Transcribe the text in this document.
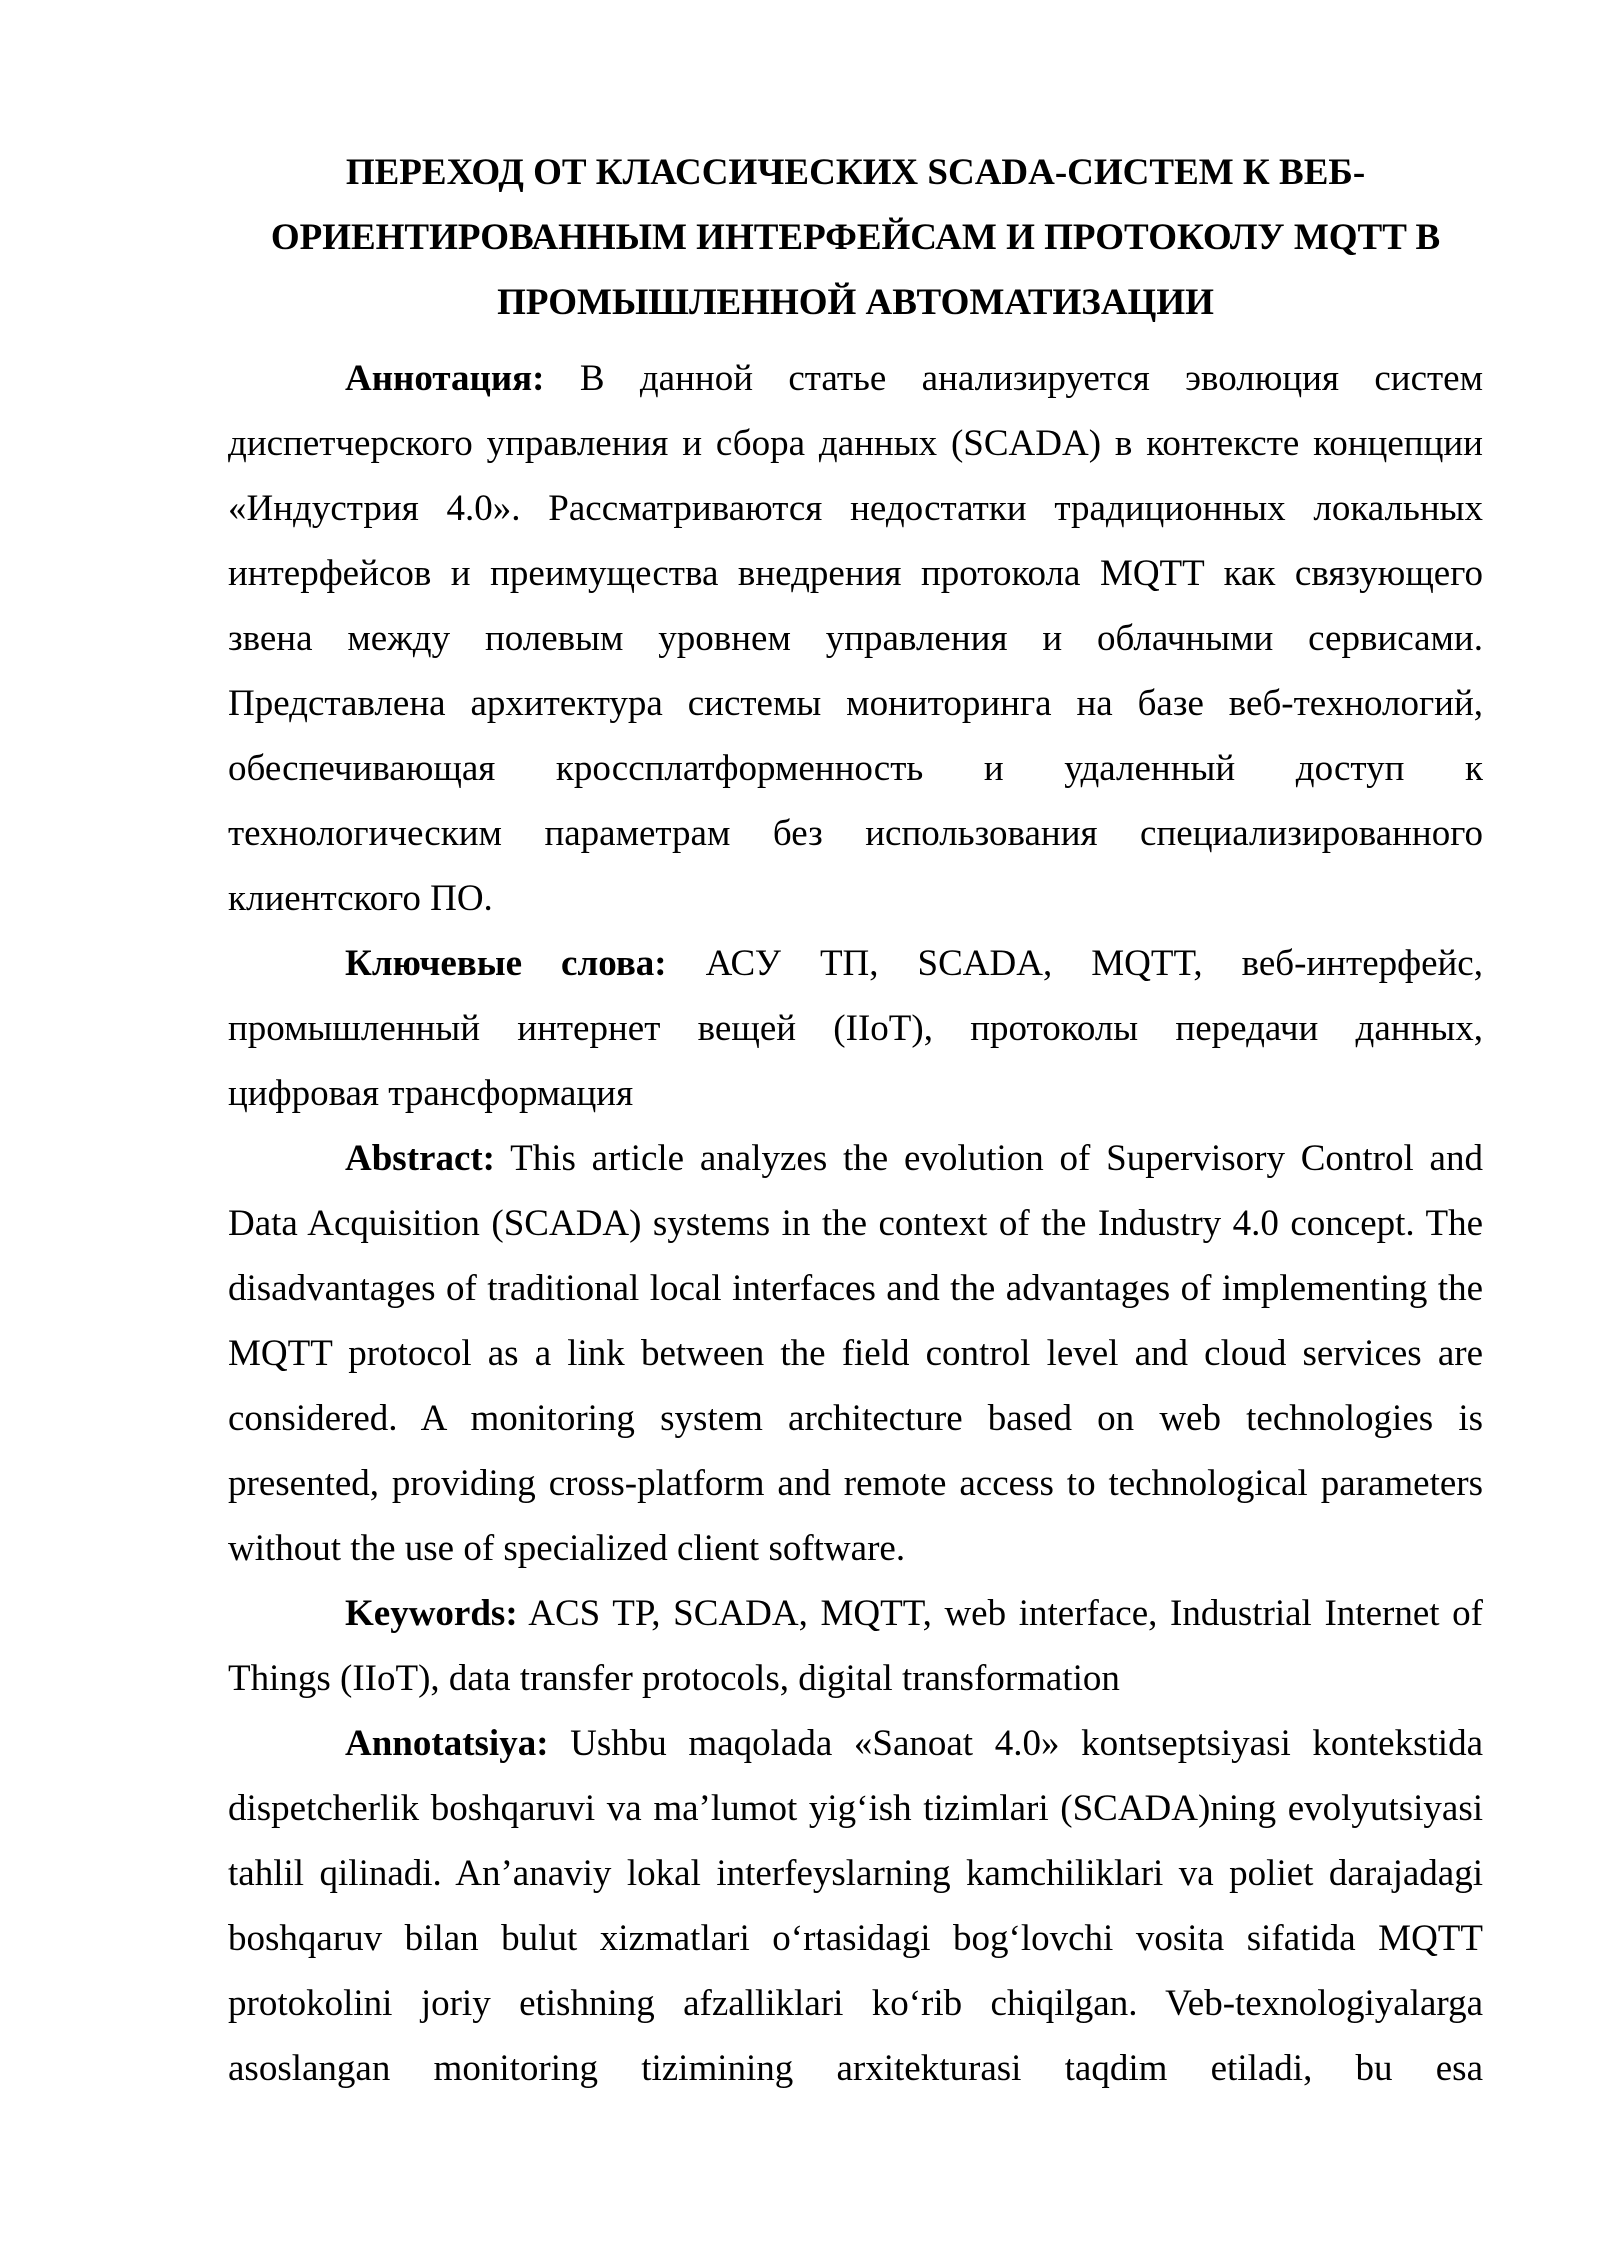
ПЕРЕХОД ОТ КЛАССИЧЕСКИХ SCADA-СИСТЕМ К ВЕБ-
ОРИЕНТИРОВАННЫМ ИНТЕРФЕЙСАМ И ПРОТОКОЛУ MQTT В
ПРОМЫШЛЕННОЙ АВТОМАТИЗАЦИИ
Аннотация: В данной статье анализируется эволюция систем
диспетчерского управления и сбора данных (SCADA) в контексте концепции
«Индустрия 4.0». Рассматриваются недостатки традиционных локальных
интерфейсов и преимущества внедрения протокола MQTT как связующего
звена между полевым уровнем управления и облачными сервисами.
Представлена архитектура системы мониторинга на базе веб-технологий,
обеспечивающая кроссплатформенность и удаленный доступ к
технологическим параметрам без использования специализированного
клиентского ПО.
Ключевые слова: АСУ ТП, SCADA, MQTT, веб-интерфейс,
промышленный интернет вещей (IIoT), протоколы передачи данных,
цифровая трансформация
Abstract: This article analyzes the evolution of Supervisory Control and
Data Acquisition (SCADA) systems in the context of the Industry 4.0 concept. The
disadvantages of traditional local interfaces and the advantages of implementing the
MQTT protocol as a link between the field control level and cloud services are
considered. A monitoring system architecture based on web technologies is
presented, providing cross-platform and remote access to technological parameters
without the use of specialized client software.
Keywords: ACS TP, SCADA, MQTT, web interface, Industrial Internet of
Things (IIoT), data transfer protocols, digital transformation
Annotatsiya: Ushbu maqolada «Sanoat 4.0» kontseptsiyasi kontekstida
dispetcherlik boshqaruvi va ma’lumot yig‘ish tizimlari (SCADA)ning evolyutsiyasi
tahlil qilinadi. An’anaviy lokal interfeyslarning kamchiliklari va poliet darajadagi
boshqaruv bilan bulut xizmatlari o‘rtasidagi bog‘lovchi vosita sifatida MQTT
protokolini joriy etishning afzalliklari ko‘rib chiqilgan. Veb-texnologiyalarga
asoslangan monitoring tizimining arxitekturasi taqdim etiladi, bu esa
